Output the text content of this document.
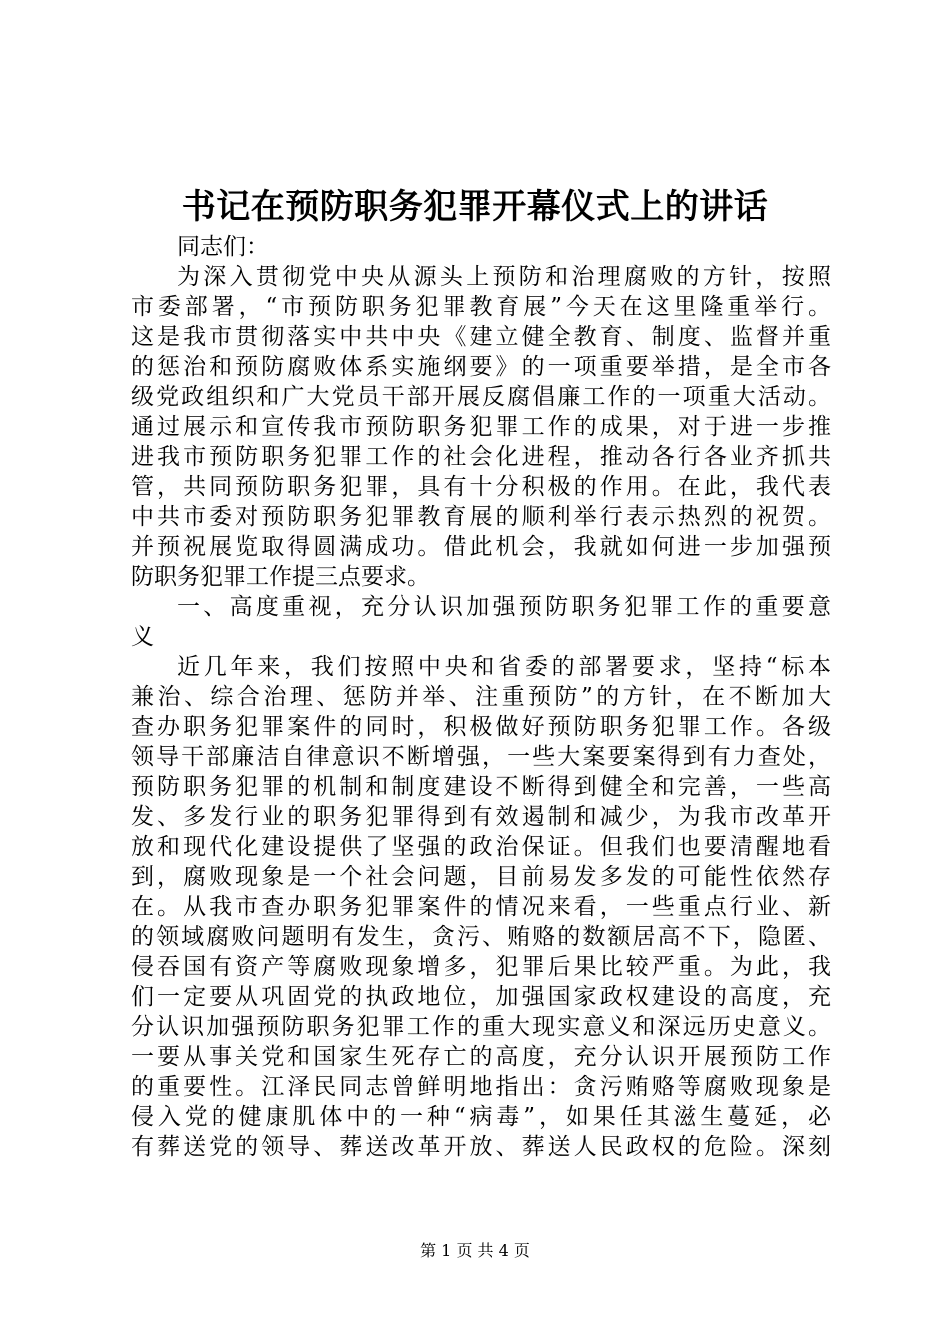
书记在预防职务犯罪开幕仪式上的讲话
同志们：
为深入贯彻党中央从源头上预防和治理腐败的方针，按照
市委部署，“市预防职务犯罪教育展”今天在这里隆重举行。
这是我市贯彻落实中共中央《建立健全教育、制度、监督并重
的惩治和预防腐败体系实施纲要》的一项重要举措，是全市各
级党政组织和广大党员干部开展反腐倡廉工作的一项重大活动。
通过展示和宣传我市预防职务犯罪工作的成果，对于进一步推
进我市预防职务犯罪工作的社会化进程，推动各行各业齐抓共
管，共同预防职务犯罪，具有十分积极的作用。在此，我代表
中共市委对预防职务犯罪教育展的顺利举行表示热烈的祝贺。
并预祝展览取得圆满成功。借此机会，我就如何进一步加强预
防职务犯罪工作提三点要求。
一、高度重视，充分认识加强预防职务犯罪工作的重要意
义
近几年来，我们按照中央和省委的部署要求，坚持“标本
兼治、综合治理、惩防并举、注重预防”的方针，在不断加大
查办职务犯罪案件的同时，积极做好预防职务犯罪工作。各级
领导干部廉洁自律意识不断增强，一些大案要案得到有力查处，
预防职务犯罪的机制和制度建设不断得到健全和完善，一些高
发、多发行业的职务犯罪得到有效遏制和减少，为我市改革开
放和现代化建设提供了坚强的政治保证。但我们也要清醒地看
到，腐败现象是一个社会问题，目前易发多发的可能性依然存
在。从我市查办职务犯罪案件的情况来看，一些重点行业、新
的领域腐败问题明有发生，贪污、贿赂的数额居高不下，隐匿、
侵吞国有资产等腐败现象增多，犯罪后果比较严重。为此，我
们一定要从巩固党的执政地位，加强国家政权建设的高度，充
分认识加强预防职务犯罪工作的重大现实意义和深远历史意义。
一要从事关党和国家生死存亡的高度，充分认识开展预防工作
的重要性。江泽民同志曾鲜明地指出：贪污贿赂等腐败现象是
侵入党的健康肌体中的一种“病毒”，如果任其滋生蔓延，必
有葬送党的领导、葬送改革开放、葬送人民政权的危险。深刻
第 1 页 共 4 页
